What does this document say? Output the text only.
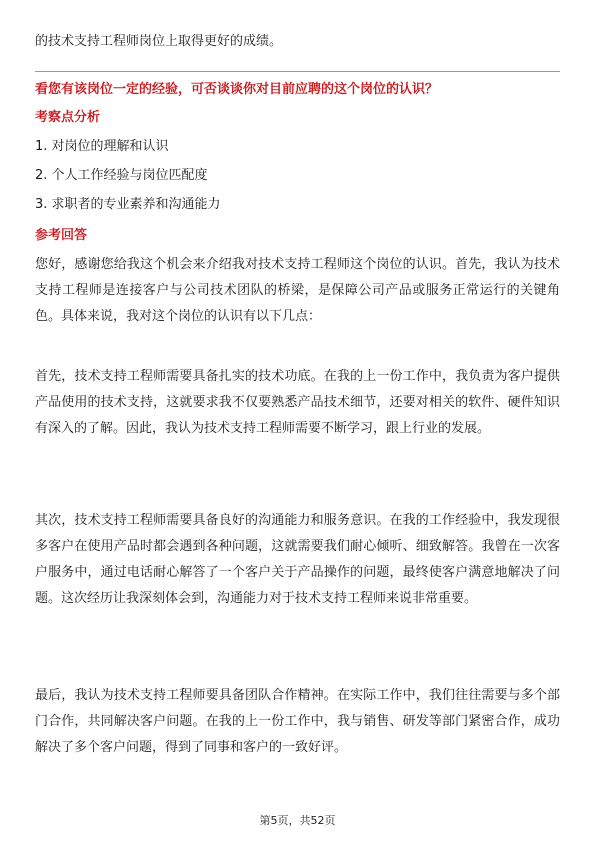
的技术支持工程师岗位上取得更好的成绩。
看您有该岗位一定的经验，可否谈谈你对目前应聘的这个岗位的认识？
考察点分析
1. 对岗位的理解和认识
2. 个人工作经验与岗位匹配度
3. 求职者的专业素养和沟通能力
参考回答

您好，感谢您给我这个机会来介绍我对技术支持工程师这个岗位的认识。首先，我认为技术支持工程师是连接客户与公司技术团队的桥梁，是保障公司产品或服务正常运行的关键角色。具体来说，我对这个岗位的认识有以下几点：

首先，技术支持工程师需要具备扎实的技术功底。在我的上一份工作中，我负责为客户提供产品使用的技术支持，这就要求我不仅要熟悉产品技术细节，还要对相关的软件、硬件知识有深入的了解。因此，我认为技术支持工程师需要不断学习，跟上行业的发展。

其次，技术支持工程师需要具备良好的沟通能力和服务意识。在我的工作经验中，我发现很多客户在使用产品时都会遇到各种问题，这就需要我们耐心倾听、细致解答。我曾在一次客户服务中，通过电话耐心解答了一个客户关于产品操作的问题，最终使客户满意地解决了问题。这次经历让我深刻体会到，沟通能力对于技术支持工程师来说非常重要。

最后，我认为技术支持工程师要具备团队合作精神。在实际工作中，我们往往需要与多个部门合作，共同解决客户问题。在我的上一份工作中，我与销售、研发等部门紧密合作，成功解决了多个客户问题，得到了同事和客户的一致好评。

第5页，共52页
